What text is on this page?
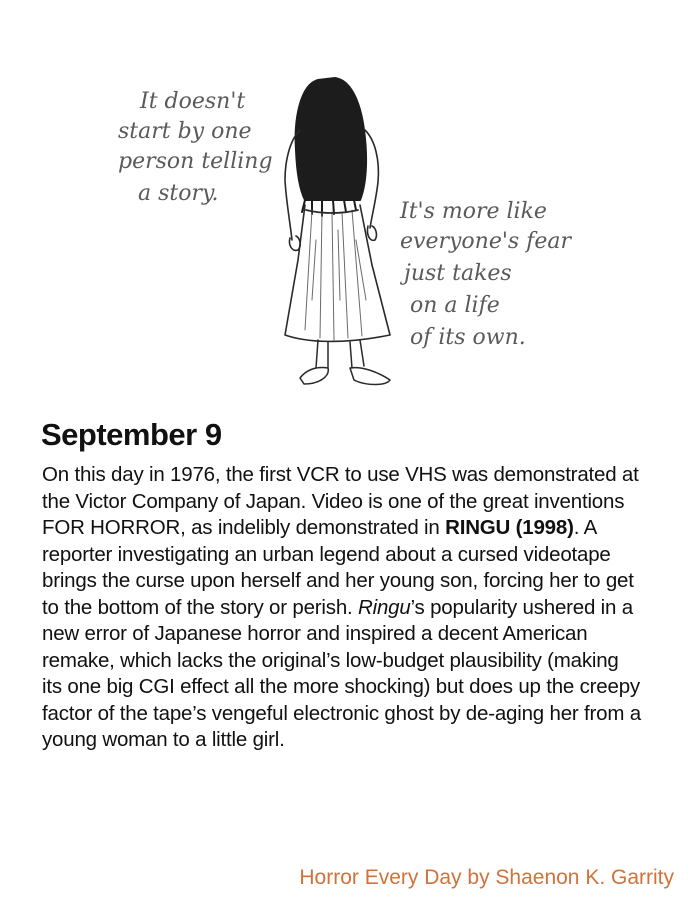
It doesn't
start by one
person telling
a story.
It's more like
everyone's fear
just takes
on a life
of its own.
September 9

On this day in 1976, the first VCR to use VHS was demonstrated at the Victor Company of Japan. Video is one of the great inventions FOR HORROR, as indelibly demonstrated in RINGU (1998). A reporter investigating an urban legend about a cursed videotape brings the curse upon herself and her young son, forcing her to get to the bottom of the story or perish. Ringu’s popularity ushered in a new error of Japanese horror and inspired a decent American remake, which lacks the original’s low-budget plausibility (making its one big CGI effect all the more shocking) but does up the creepy factor of the tape’s vengeful electronic ghost by de-aging her from a young woman to a little girl.

Horror Every Day by Shaenon K. Garrity
